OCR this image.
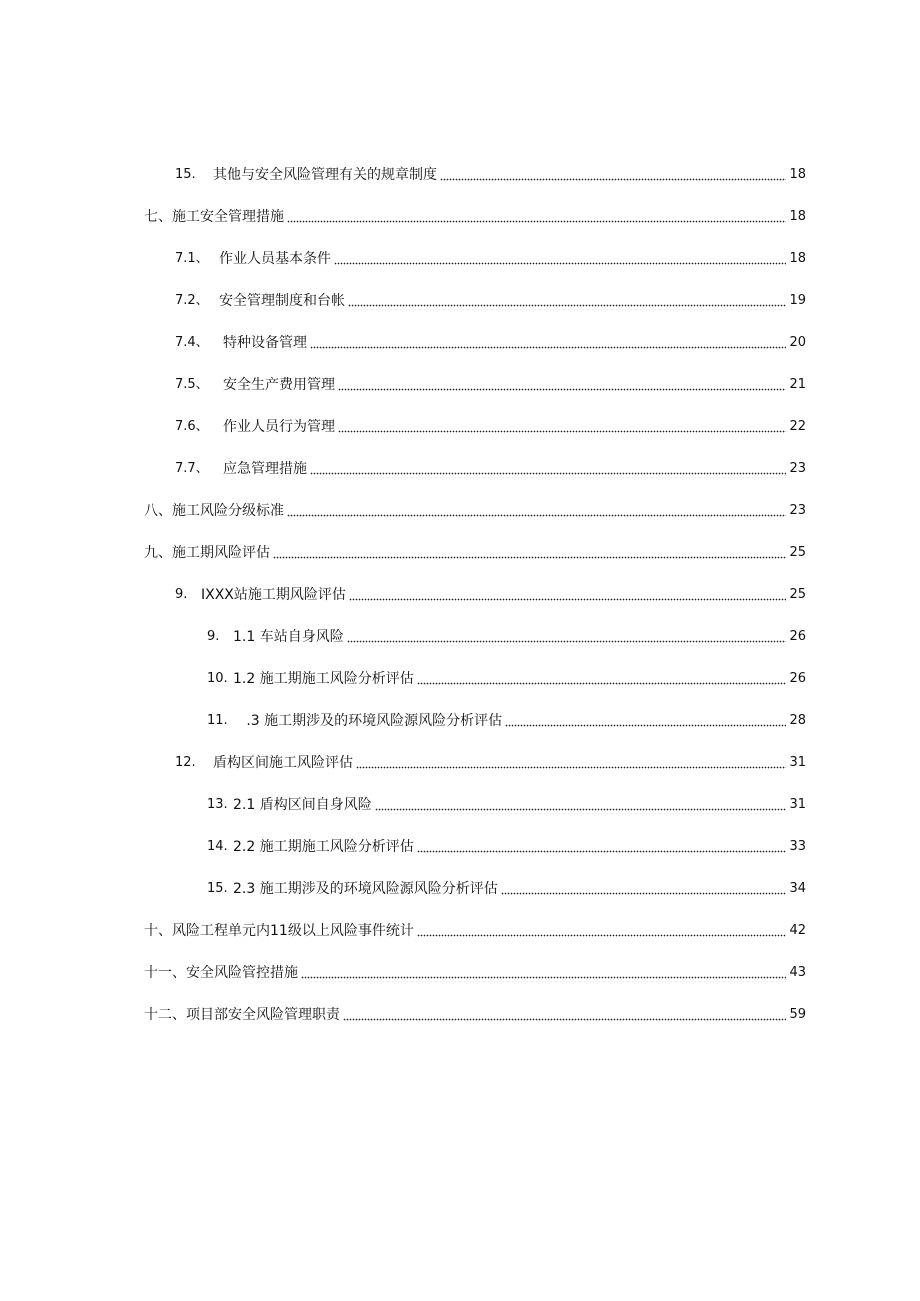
15.	其他与安全风险管理有关的规章制度	18
七、施工安全管理措施	18
7.1、 作业人员基本条件	18
7.2、 安全管理制度和台帐	19
7.4、	特种设备管理	20
7.5、	安全生产费用管理	21
7.6、	作业人员行为管理	22
7.7、	应急管理措施	23
八、施工风险分级标准	23
九、施工期风险评估	25
9. IXXX站施工期风险评估	25
9. 1.1 车站自身风险	26
10. 1.2 施工期施工风险分析评估	26
11. .3 施工期涉及的环境风险源风险分析评估	28
12.	盾构区间施工风险评估	31
13. 2.1 盾构区间自身风险	31
14. 2.2 施工期施工风险分析评估	33
15. 2.3 施工期涉及的环境风险源风险分析评估	34
十、风险工程单元内11级以上风险事件统计	42
十一、安全风险管控措施	43
十二、项目部安全风险管理职责	59
